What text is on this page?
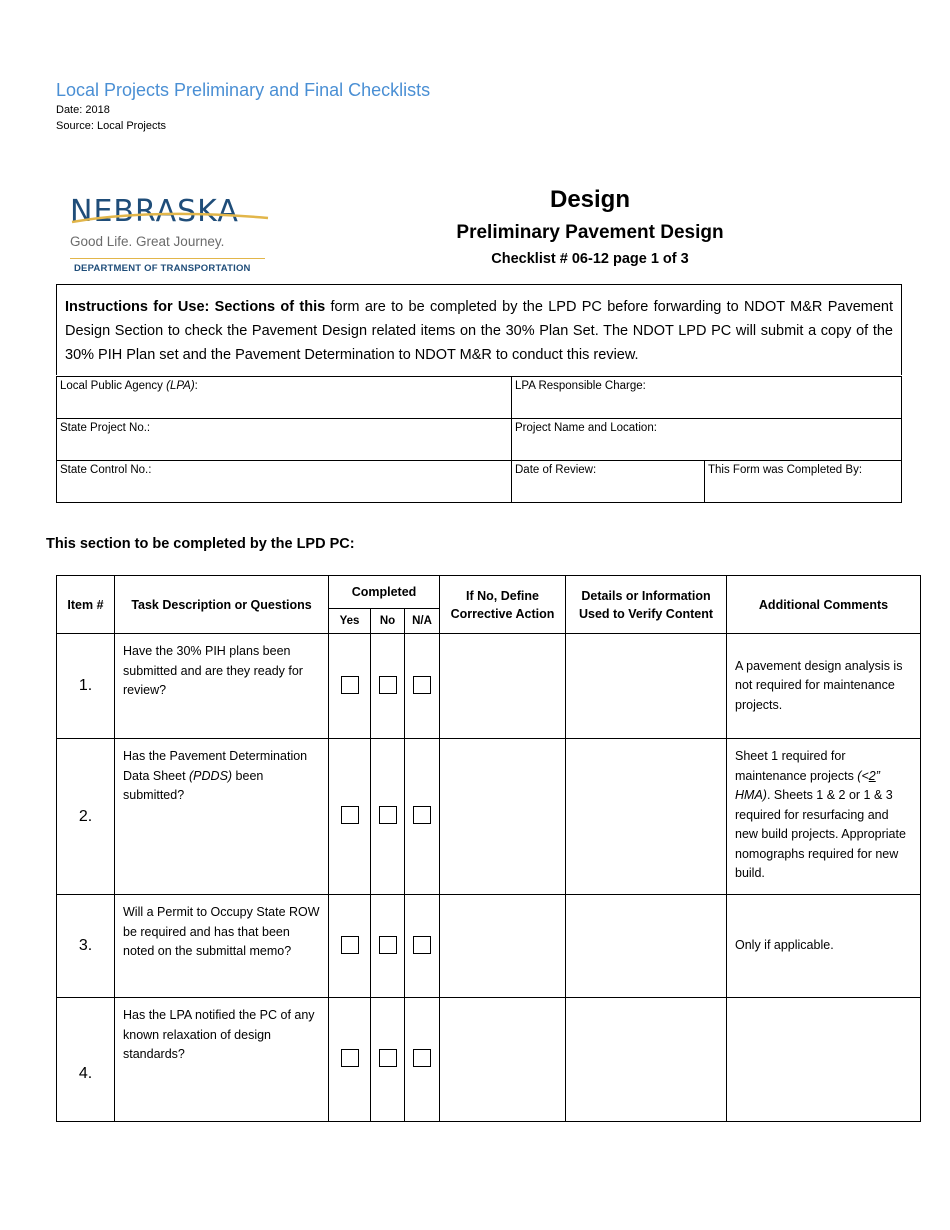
Local Projects Preliminary and Final Checklists
Date: 2018
Source: Local Projects
NEBRASKA
Good Life. Great Journey.
DEPARTMENT OF TRANSPORTATION
Design
Preliminary Pavement Design
Checklist # 06-12 page 1 of 3
Instructions for Use: Sections of this form are to be completed by the LPD PC before forwarding to NDOT M&R Pavement Design Section to check the Pavement Design related items on the 30% Plan Set. The NDOT LPD PC will submit a copy of the 30% PIH Plan set and the Pavement Determination to NDOT M&R to conduct this review.
Local Public Agency (LPA):	LPA Responsible Charge:	
State Project No.:	Project Name and Location:	
State Control No.:	Date of Review:	This Form was Completed By:
This section to be completed by the LPD PC:
Item #	Task Description or Questions	Completed			If No, Define Corrective Action	Details or Information Used to Verify Content	Additional Comments
		Yes	No	N/A			
1.	Have the 30% PIH plans been submitted and are they ready for review?						A pavement design analysis is not required for maintenance projects.
2.	Has the Pavement Determination Data Sheet (PDDS) been submitted?						Sheet 1 required for maintenance projects (<2” HMA). Sheets 1 & 2 or 1 & 3 required for resurfacing and new build projects. Appropriate nomographs required for new build.
3.	Will a Permit to Occupy State ROW be required and has that been noted on the submittal memo?						Only if applicable.
4.	Has the LPA notified the PC of any known relaxation of design standards?						
